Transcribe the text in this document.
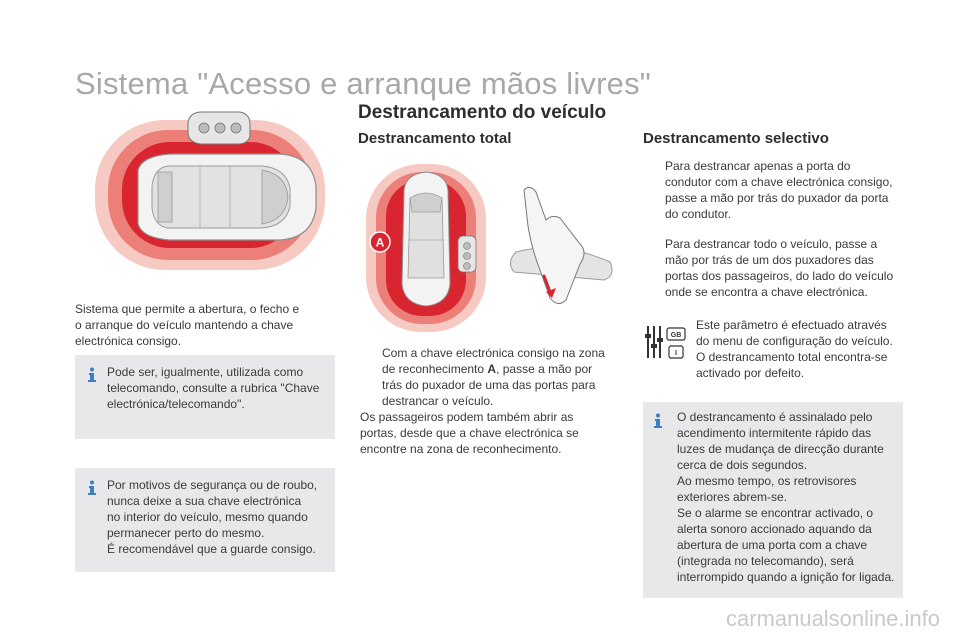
Sistema "Acesso e arranque mãos livres"
Sistema que permite a abertura, o fecho e
o arranque do veículo mantendo a chave
electrónica consigo.
Pode ser, igualmente, utilizada como
telecomando, consulte a rubrica "Chave
electrónica/telecomando".
Por motivos de segurança ou de roubo,
nunca deixe a sua chave electrónica
no interior do veículo, mesmo quando
permanecer perto do mesmo.
É recomendável que a guarde consigo.
Destrancamento do veículo
Destrancamento total
A
Com a chave electrónica consigo na zona
de reconhecimento A, passe a mão por
trás do puxador de uma das portas para
destrancar o veículo.
Os passageiros podem também abrir as
portas, desde que a chave electrónica se
encontre na zona de reconhecimento.
Destrancamento selectivo
Para destrancar apenas a porta do
condutor com a chave electrónica consigo,
passe a mão por trás do puxador da porta
do condutor.
Para destrancar todo o veículo, passe a
mão por trás de um dos puxadores das
portas dos passageiros, do lado do veículo
onde se encontra a chave electrónica.
GB
I
Este parâmetro é efectuado através
do menu de configuração do veículo.
O destrancamento total encontra-se
activado por defeito.
O destrancamento é assinalado pelo
acendimento intermitente rápido das
luzes de mudança de direcção durante
cerca de dois segundos.
Ao mesmo tempo, os retrovisores
exteriores abrem-se.
Se o alarme se encontrar activado, o
alerta sonoro accionado aquando da
abertura de uma porta com a chave
(integrada no telecomando), será
interrompido quando a ignição for ligada.
carmanualsonline.info
